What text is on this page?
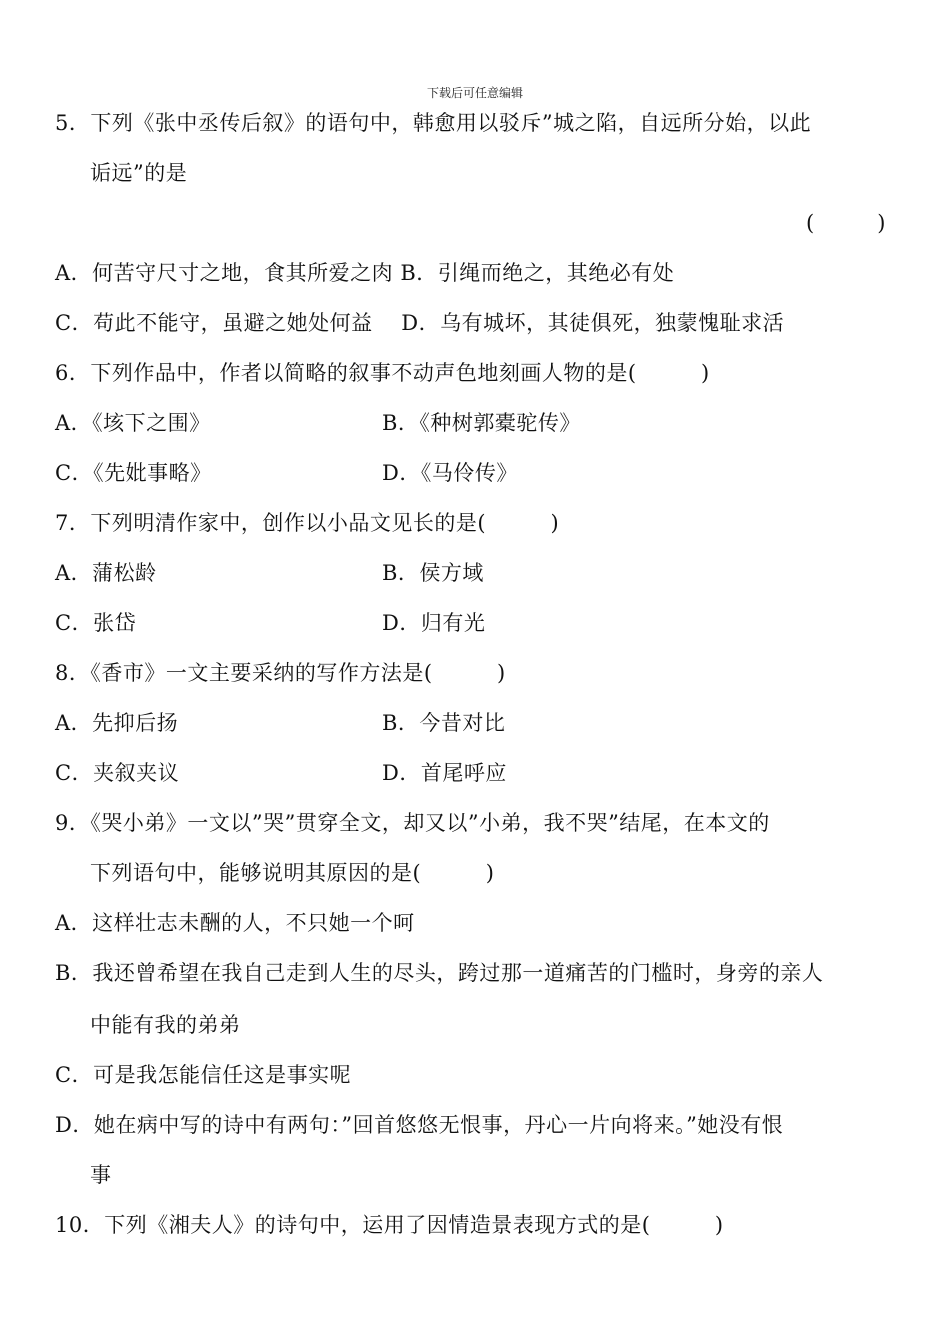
下载后可任意编辑
5．下列《张中丞传后叙》的语句中，韩愈用以驳斥”城之陷，自远所分始，以此
诟远”的是
(　　　)
A．何苦守尺寸之地，食其所爱之肉 B．引绳而绝之，其绝必有处
C．苟此不能守，虽避之她处何益　 D．乌有城坏，其徒俱死，独蒙愧耻求活
6．下列作品中，作者以简略的叙事不动声色地刻画人物的是(　　　)
A．《垓下之围》	B．《种树郭橐驼传》
C．《先妣事略》	D．《马伶传》
7．下列明清作家中，创作以小品文见长的是(　　　)
A．蒲松龄	B．侯方域
C．张岱	D．归有光
8．《香市》一文主要采纳的写作方法是(　　　)
A．先抑后扬	B．今昔对比
C．夹叙夹议	D．首尾呼应
9．《哭小弟》一文以”哭”贯穿全文，却又以”小弟，我不哭”结尾，在本文的
下列语句中，能够说明其原因的是(　　　)
A．这样壮志未酬的人，不只她一个呵
B．我还曾希望在我自己走到人生的尽头，跨过那一道痛苦的门槛时，身旁的亲人
中能有我的弟弟
C．可是我怎能信任这是事实呢
D．她在病中写的诗中有两句：”回首悠悠无恨事，丹心一片向将来。”她没有恨
事
10．下列《湘夫人》的诗句中，运用了因情造景表现方式的是(　　　)
